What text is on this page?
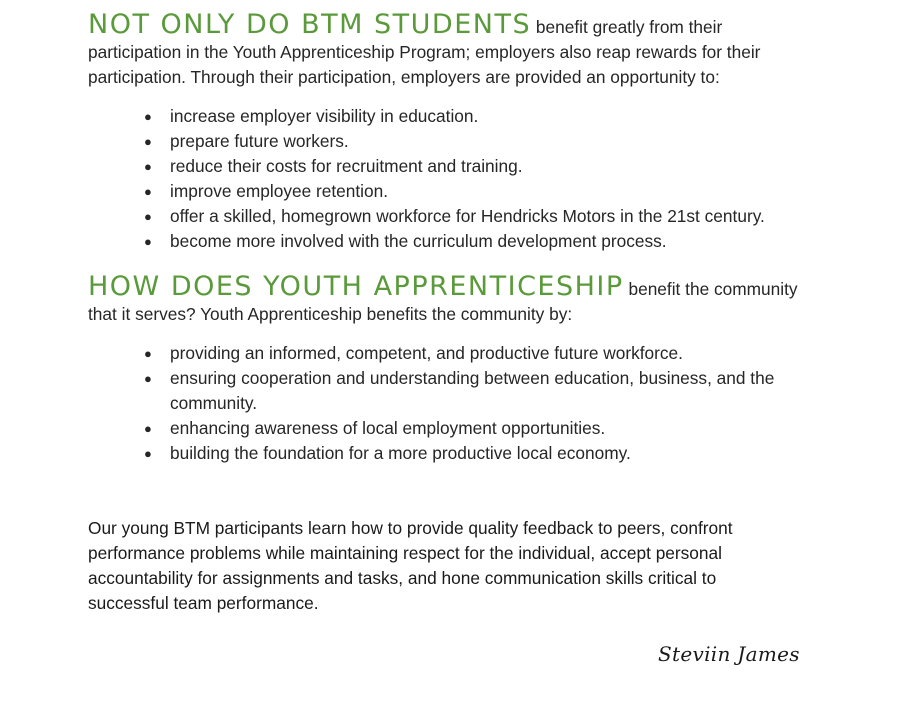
NOT ONLY DO BTM STUDENTS benefit greatly from their participation in the Youth Apprenticeship Program; employers also reap rewards for their participation. Through their participation, employers are provided an opportunity to:

● increase employer visibility in education.
● prepare future workers.
● reduce their costs for recruitment and training.
● improve employee retention.
● offer a skilled, homegrown workforce for Hendricks Motors in the 21st century.
● become more involved with the curriculum development process.

HOW DOES YOUTH APPRENTICESHIP benefit the community that it serves? Youth Apprenticeship benefits the community by:

● providing an informed, competent, and productive future workforce.
● ensuring cooperation and understanding between education, business, and the community.
● enhancing awareness of local employment opportunities.
● building the foundation for a more productive local economy.

Our young BTM participants learn how to provide quality feedback to peers, confront performance problems while maintaining respect for the individual, accept personal accountability for assignments and tasks, and hone communication skills critical to successful team performance.

Steviin James
